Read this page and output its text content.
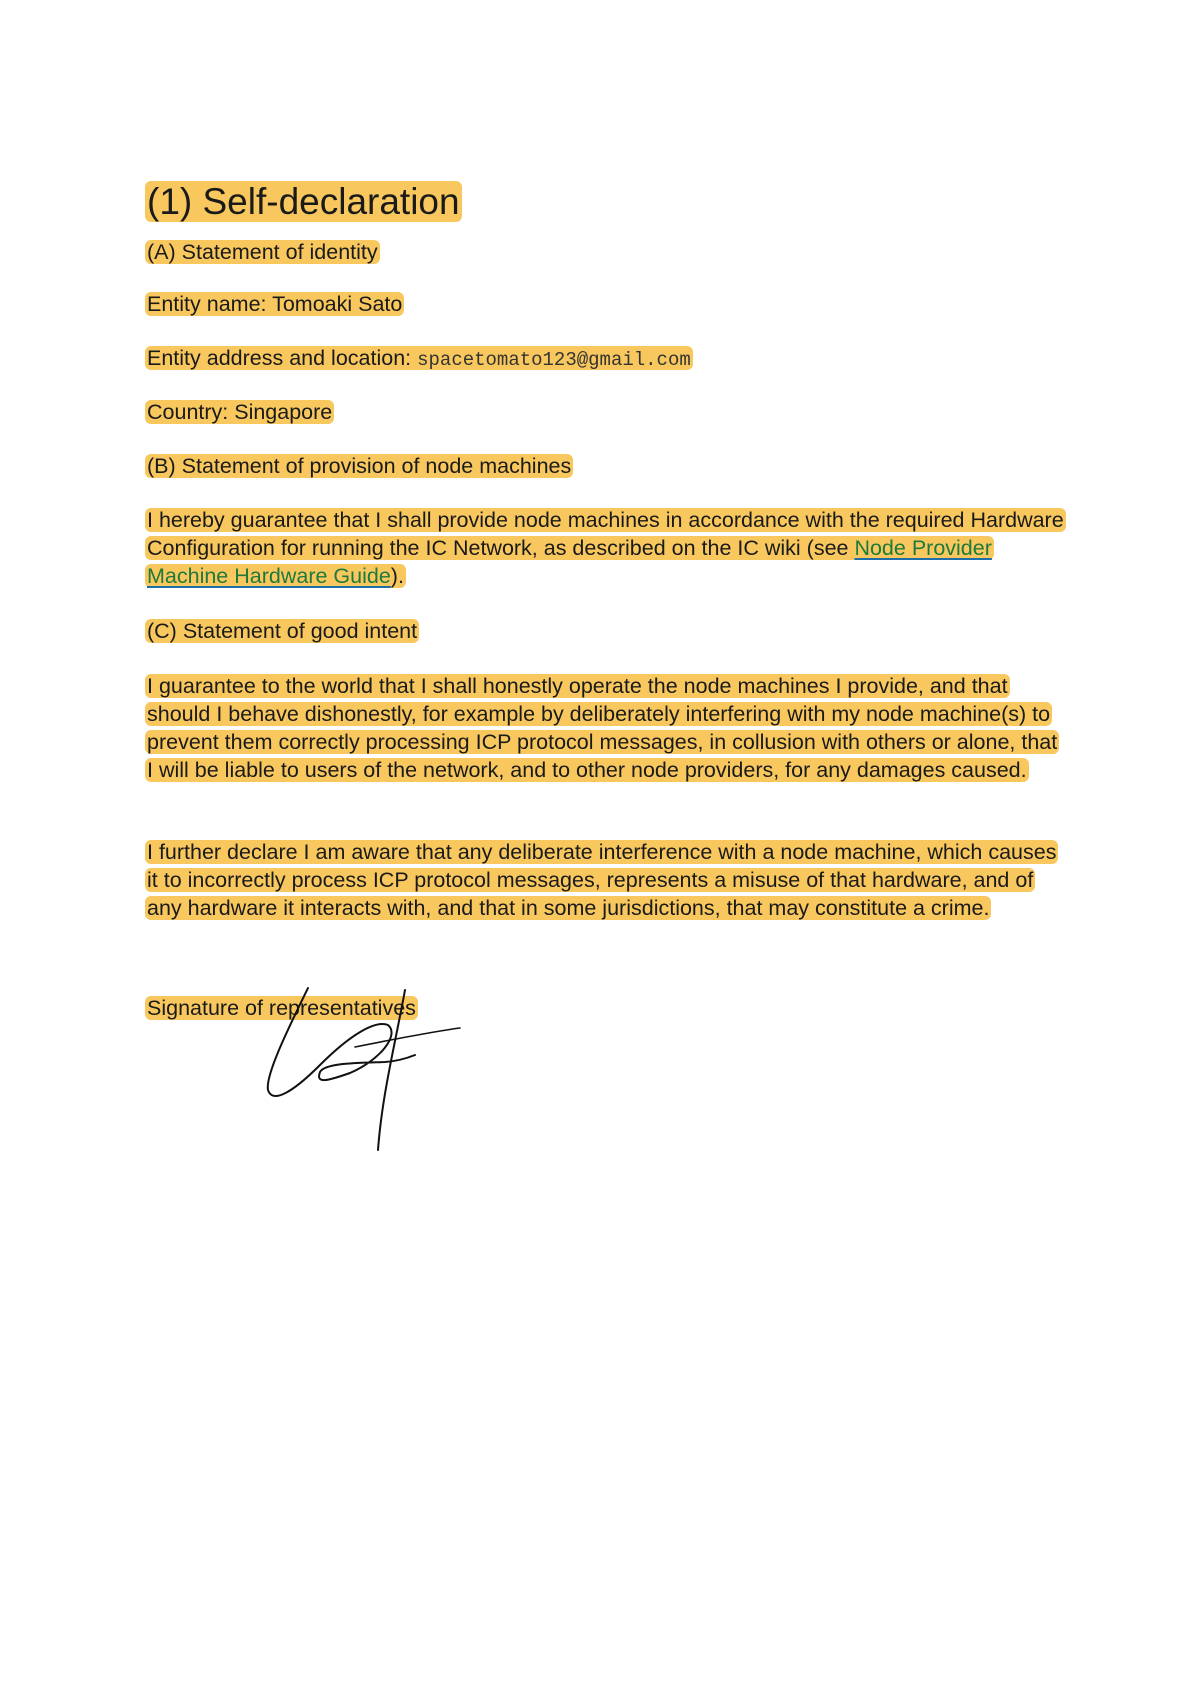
(1) Self-declaration

(A) Statement of identity

Entity name: Tomoaki Sato

Entity address and location: spacetomato123@gmail.com

Country: Singapore

(B) Statement of provision of node machines

I hereby guarantee that I shall provide node machines in accordance with the required Hardware Configuration for running the IC Network, as described on the IC wiki (see Node Provider Machine Hardware Guide).

(C) Statement of good intent

I guarantee to the world that I shall honestly operate the node machines I provide, and that should I behave dishonestly, for example by deliberately interfering with my node machine(s) to prevent them correctly processing ICP protocol messages, in collusion with others or alone, that I will be liable to users of the network, and to other node providers, for any damages caused.

I further declare I am aware that any deliberate interference with a node machine, which causes it to incorrectly process ICP protocol messages, represents a misuse of that hardware, and of any hardware it interacts with, and that in some jurisdictions, that may constitute a crime.

Signature of representatives
